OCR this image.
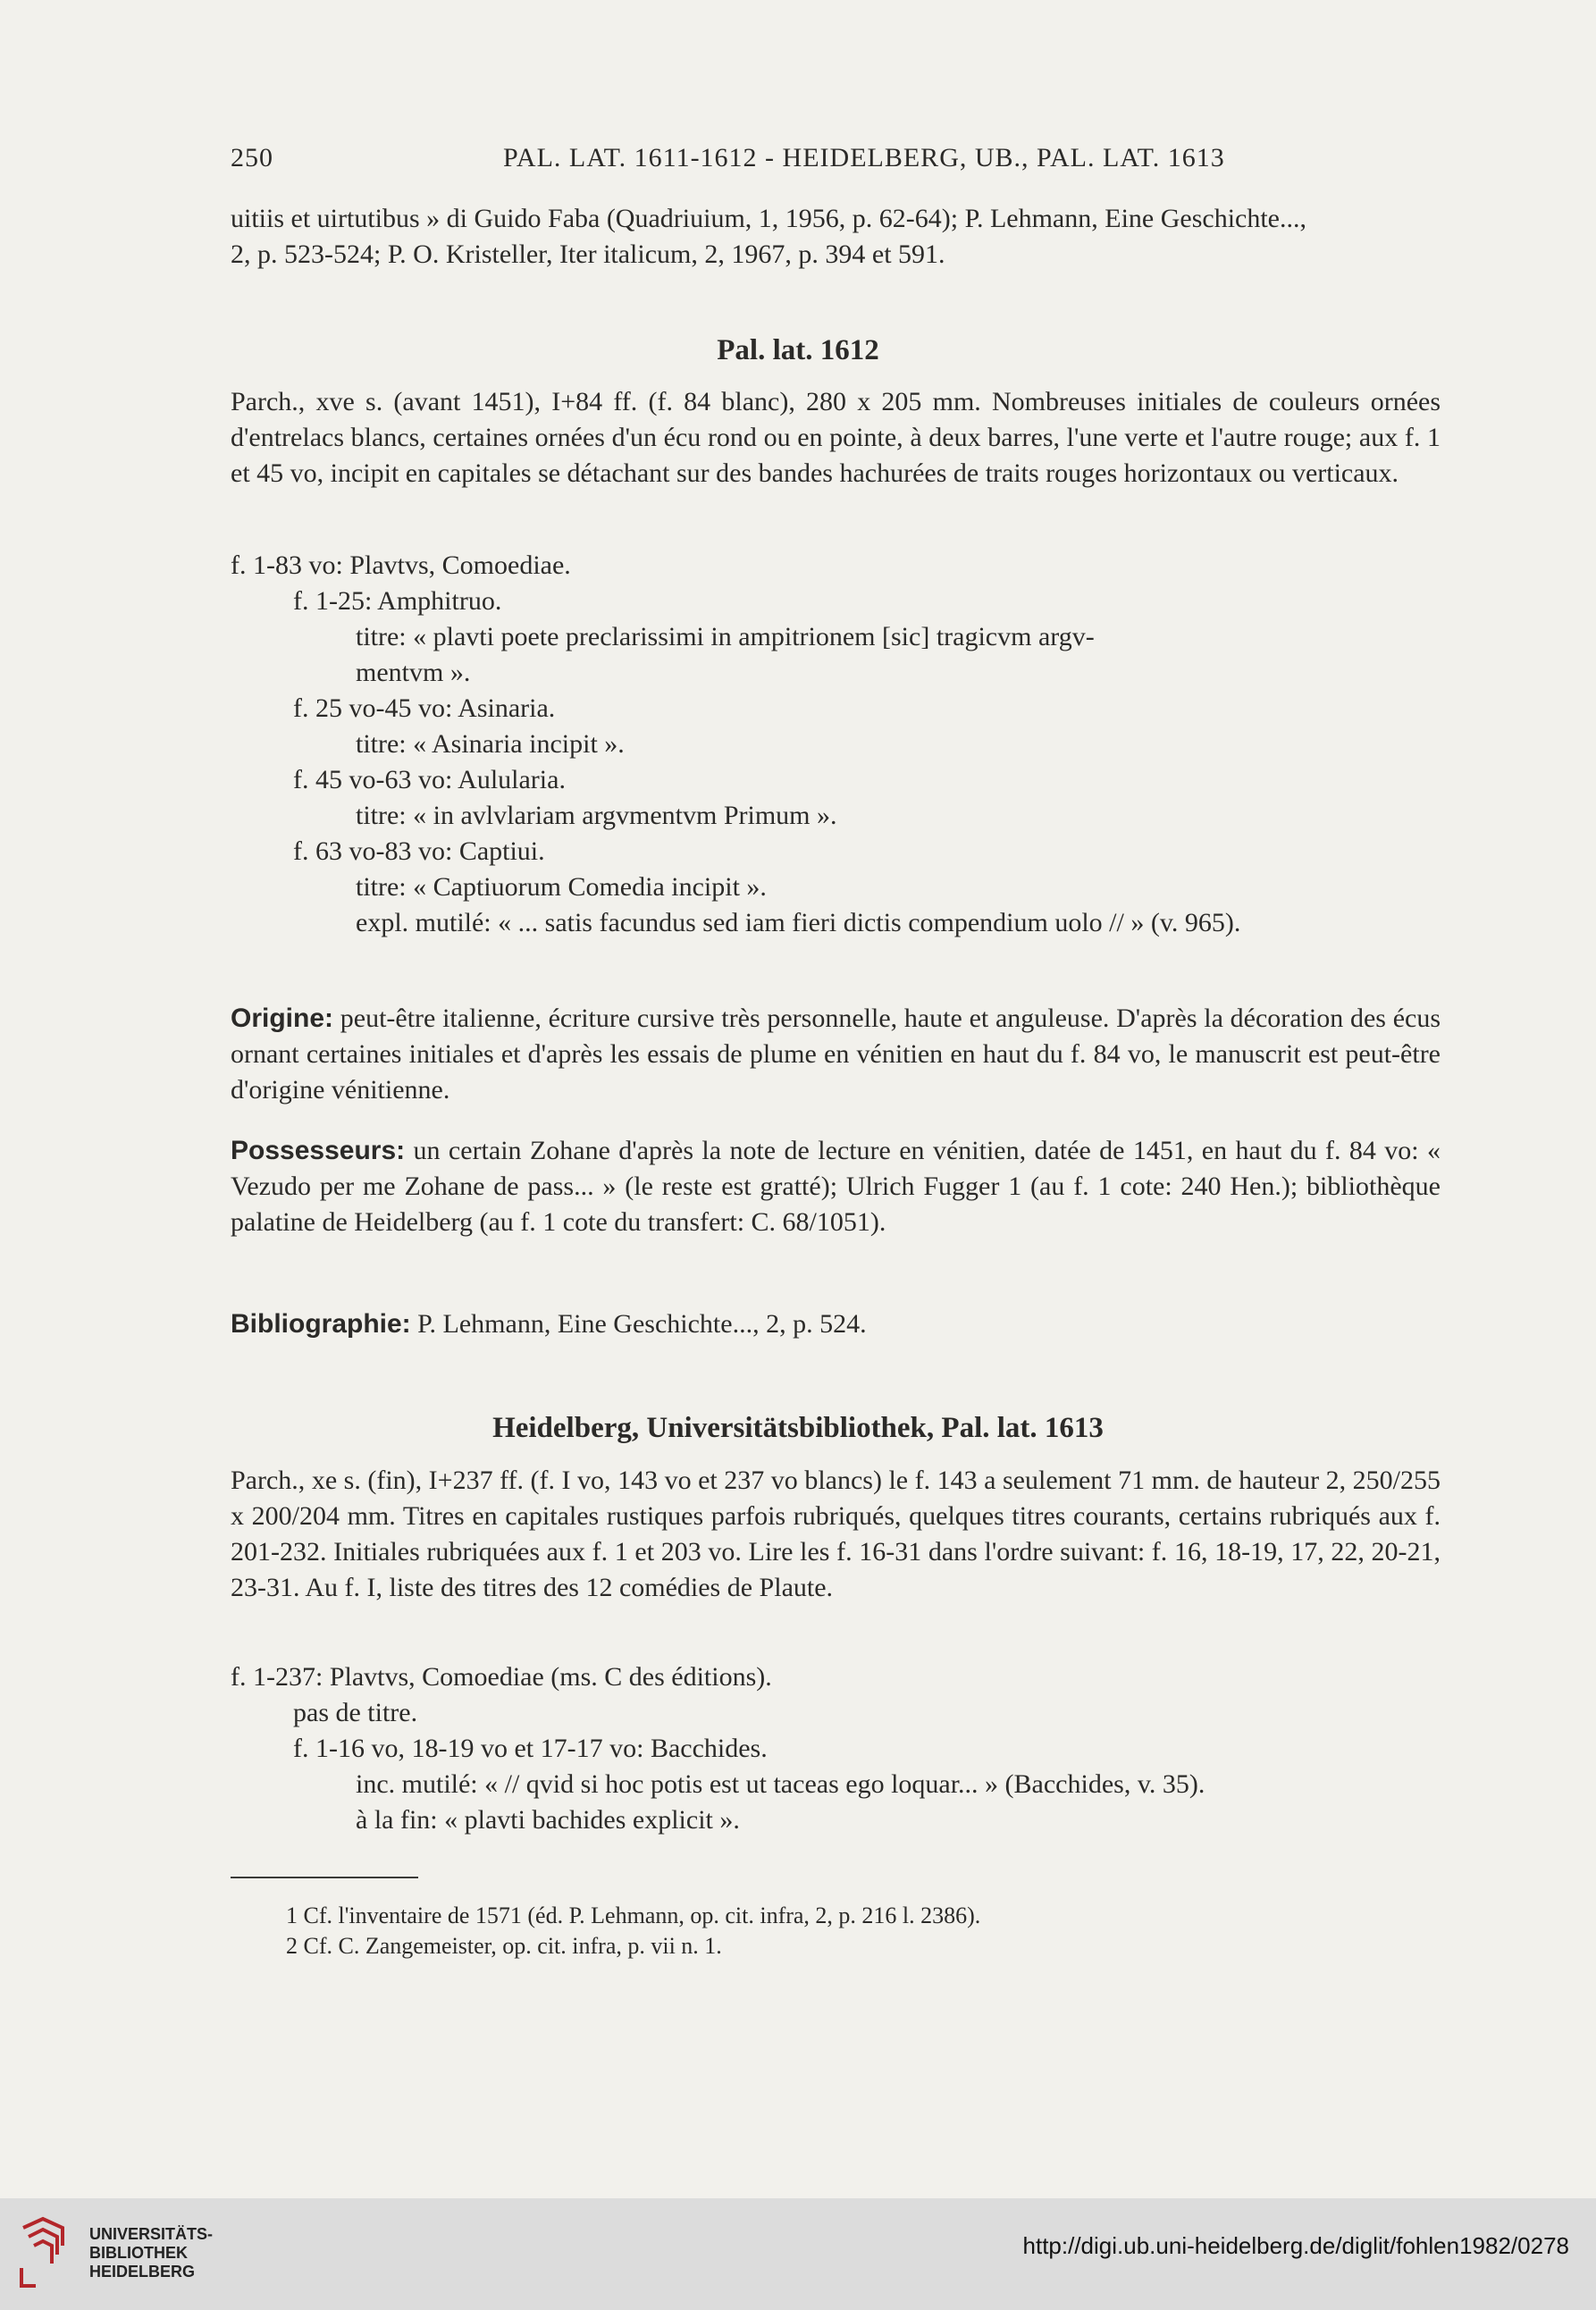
250	PAL. LAT. 1611-1612 - HEIDELBERG, UB., PAL. LAT. 1613
uitiis et uirtutibus » di Guido Faba (Quadriuium, 1, 1956, p. 62-64); P. Lehmann, Eine Geschichte...,
2, p. 523-524; P. O. Kristeller, Iter italicum, 2, 1967, p. 394 et 591.
Pal. lat. 1612
Parch., xve s. (avant 1451), I+84 ff. (f. 84 blanc), 280 x 205 mm. Nombreuses initiales de couleurs ornées d'entrelacs blancs, certaines ornées d'un écu rond ou en pointe, à deux barres, l'une verte et l'autre rouge; aux f. 1 et 45 vo, incipit en capitales se détachant sur des bandes hachurées de traits rouges horizontaux ou verticaux.
f. 1-83 vo: Plavtvs, Comoediae.
f. 1-25: Amphitruo.
titre: « plavti poete preclarissimi in ampitrionem [sic] tragicvm argv-
mentvm ».
f. 25 vo-45 vo: Asinaria.
titre: « Asinaria incipit ».
f. 45 vo-63 vo: Aulularia.
titre: « in avlvlariam argvmentvm Primum ».
f. 63 vo-83 vo: Captiui.
titre: « Captiuorum Comedia incipit ».
expl. mutilé: « ... satis facundus sed iam fieri dictis compendium uolo // » (v. 965).
Origine: peut-être italienne, écriture cursive très personnelle, haute et anguleuse. D'après la décoration des écus ornant certaines initiales et d'après les essais de plume en vénitien en haut du f. 84 vo, le manuscrit est peut-être d'origine vénitienne.
Possesseurs: un certain Zohane d'après la note de lecture en vénitien, datée de 1451, en haut du f. 84 vo: « Vezudo per me Zohane de pass... » (le reste est gratté); Ulrich Fugger 1 (au f. 1 cote: 240 Hen.); bibliothèque palatine de Heidelberg (au f. 1 cote du transfert: C. 68/1051).
Bibliographie: P. Lehmann, Eine Geschichte..., 2, p. 524.
Heidelberg, Universitätsbibliothek, Pal. lat. 1613
Parch., xe s. (fin), I+237 ff. (f. I vo, 143 vo et 237 vo blancs) le f. 143 a seulement 71 mm. de hauteur 2, 250/255 x 200/204 mm. Titres en capitales rustiques parfois rubriqués, quelques titres courants, certains rubriqués aux f. 201-232. Initiales rubriquées aux f. 1 et 203 vo. Lire les f. 16-31 dans l'ordre suivant: f. 16, 18-19, 17, 22, 20-21, 23-31. Au f. I, liste des titres des 12 comédies de Plaute.
f. 1-237: Plavtvs, Comoediae (ms. C des éditions).
pas de titre.
f. 1-16 vo, 18-19 vo et 17-17 vo: Bacchides.
inc. mutilé: « // qvid si hoc potis est ut taceas ego loquar... » (Bacchides, v. 35).
à la fin: « plavti bachides explicit ».
1 Cf. l'inventaire de 1571 (éd. P. Lehmann, op. cit. infra, 2, p. 216 l. 2386).
2 Cf. C. Zangemeister, op. cit. infra, p. vii n. 1.
UNIVERSITÄTS-
BIBLIOTHEK
HEIDELBERG
http://digi.ub.uni-heidelberg.de/diglit/fohlen1982/0278
